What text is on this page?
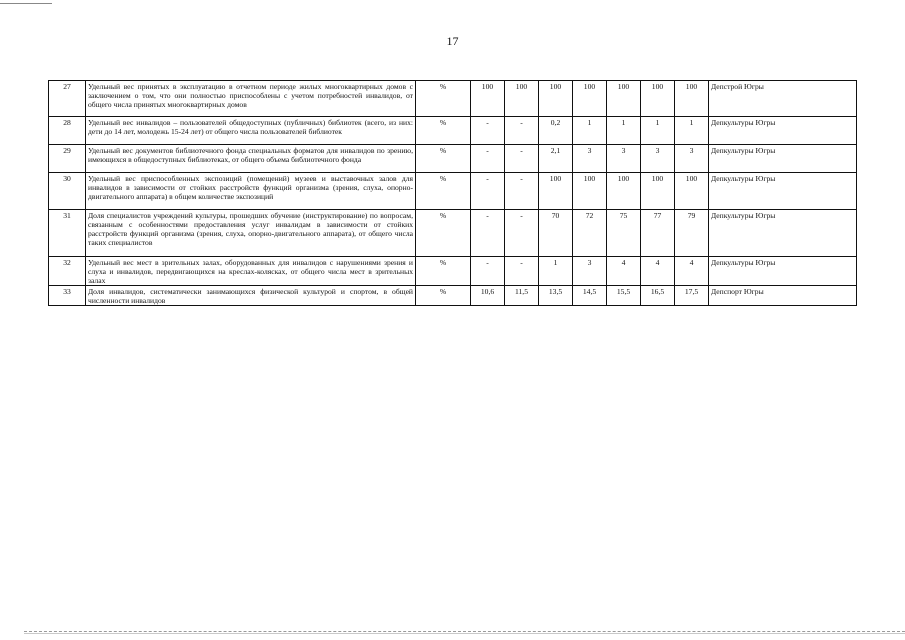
17
27	Удельный вес принятых в эксплуатацию в отчетном периоде жилых многоквартирных домов с заключением о том, что они полностью приспособлены с учетом потребностей инвалидов, от общего числа принятых многоквартирных домов	%	100	100	100	100	100	100	100	Депстрой Югры
28	Удельный вес инвалидов – пользователей общедоступных (публичных) библиотек (всего, из них: дети до 14 лет, молодежь 15-24 лет) от общего числа пользователей библиотек	%	-	-	0,2	1	1	1	1	Депкультуры Югры
29	Удельный вес документов библиотечного фонда специальных форматов для инвалидов по зрению, имеющихся в общедоступных библиотеках, от общего объема библиотечного фонда	%	-	-	2,1	3	3	3	3	Депкультуры Югры
30	Удельный вес приспособленных экспозиций (помещений) музеев и выставочных залов для инвалидов в зависимости от стойких расстройств функций организма (зрения, слуха, опорно-двигательного аппарата) в общем количестве экспозиций	%	-	-	100	100	100	100	100	Депкультуры Югры
31	Доля специалистов учреждений культуры, прошедших обучение (инструктирование) по вопросам, связанным с особенностями предоставления услуг инвалидам в зависимости от стойких расстройств функций организма (зрения, слуха, опорно-двигательного аппарата), от общего числа таких специалистов	%	-	-	70	72	75	77	79	Депкультуры Югры
32	Удельный вес мест в зрительных залах, оборудованных для инвалидов с нарушениями зрения и слуха и инвалидов, передвигающихся на креслах-колясках, от общего числа мест в зрительных залах	%	-	-	1	3	4	4	4	Депкультуры Югры
33	Доля инвалидов, систематически занимающихся физической культурой и спортом, в общей численности инвалидов	%	10,6	11,5	13,5	14,5	15,5	16,5	17,5	Депспорт Югры
